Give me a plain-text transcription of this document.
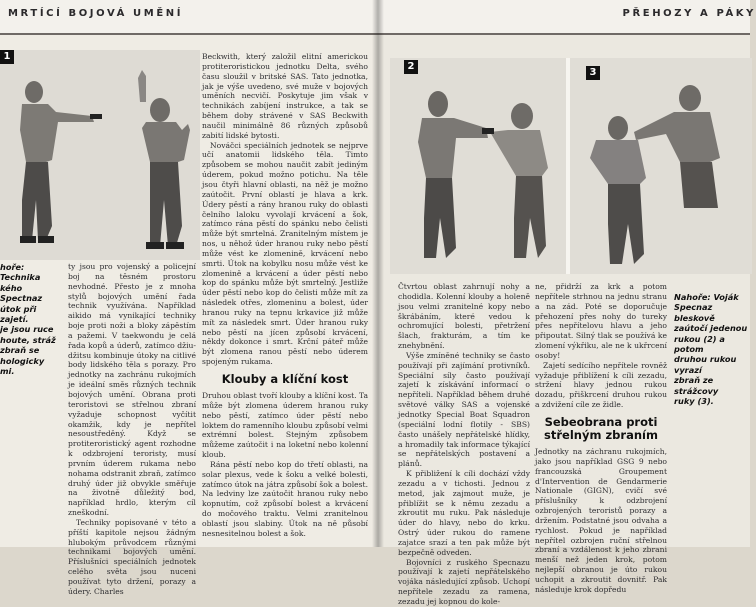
MRTÍCÍ BOJOVÁ UMĚNÍ
1
hoře: Technika
kého Spectnaz
útok při zajetí.
je jsou ruce
houte, stráž
zbraň se
hologicky
mi.

ty jsou pro vojenský a policejní boj na těsném prostoru nevhodné. Přesto je z mnoha stylů bojových umění řada technik využívána. Například aikido má vynikající techniky boje proti noži a bloky zápěstím a pažemi. V taekwondu je celá řada kopů a úderů, zatímco džiu-džitsu kombinuje útoky na citlivé body lidského těla s porazy. Pro jednotky na zachránu rukojmích je ideální směs různých technik bojových umění. Obrana proti teroristovi se střelnou zbraní vyžaduje schopnost vyčítit okamžik, kdy je nepřítel nesoustředěný. Když se protiteroristický agent rozhodne k odzbrojení teroristy, musí prvním úderem rukama nebo nohama odstranit zbraň, zatímco druhý úder již obvykle směřuje na životně důležitý bod, například hrdlo, kterým cíl zneškodní.

Techniky popisované v této a příští kapitole nejsou žádným hlubokým průvodcem různými technikami bojových umění. Příslušníci speciálních jednotek celého světa jsou nuceni používat tyto držení, porazy a údery. Charles

Beckwith, který založil elitní americkou protiteroristickou jednotku Delta, svého času sloužil v britské SAS. Tato jednotka, jak je výše uvedeno, své muže v bojových uměních necvičí. Poskytuje jim však v technikách zabíjení instrukce, a tak se během doby strávené v SAS Beckwith naučil minimálně 86 různých způsobů zabití lidské bytosti.

Nováčci speciálních jednotek se nejprve učí anatomii lidského těla. Timto způsobem se mohou naučit zabít jediným úderem, pokud možno potichu. Na těle jsou čtyři hlavní oblasti, na něž je možno zaútočit. První oblastí je hlava a krk. Údery pěstí a rány hranou ruky do oblasti čelního laloku vyvolají krvácení a šok, zatímco rána pěstí do spánku nebo čelisti může být smrtelná. Zranitelným místem je nos, u něhož úder hranou ruky nebo pěstí může vést ke zlomenině, krvácení nebo smrti. Útok na kobylku nosu může vést ke zlomenině a krvácení a úder pěstí nebo kop do spánku může být smrtelný. Jestliže úder pěstí nebo kop do čelisti může mít za následek otřes, zlomeninu a bolest, úder hranou ruky na tepnu krkavice již může mít za následek smrt. Úder hranou ruky nebo pěstí na jícen způsobí krvácení, někdy dokonce i smrt. Krční páteř může být zlomena ranou pěstí nebo úderem spojeným rukama.

Klouby a klíční kost

Druhou oblast tvoří klouby a klíční kost. Ta může být zlomena úderem hranou ruky nebo pěstí, zatímco úder pěstí nebo loktem do ramenního kloubu způsobí velmi extrémní bolest. Stejným způsobem můžeme zaútočit i na loketní nebo kolenní kloub.

Rána pěstí nebo kop do třetí oblasti, na solar plexus, vede k šoku a velké bolesti, zatímco útok na játra způsobí šok a bolest. Na ledviny lze zaútočit hranou ruky nebo kopnutím, což způsobí bolest a krvácení do močového traktu. Velmi zranitelnou oblastí jsou slabiny. Útok na ně působí nesnesitelnou bolest a šok.

PŘEHOZY A PÁKY
2
3
Nahoře: Voják
Specnaz bleskově
zaútočí jedenou
rukou (2) a potom
druhou rukou vyrazí
zbraň ze strážcovy
ruky (3).

Čtvrtou oblast zahrnují nohy a chodidla. Kolenní klouby a holeně jsou velmi zranitelné kopy nebo škrábáním, které vedou k ochromující bolesti, přetržení šlach, frakturám, a tím ke znehybnění.

Výše zmíněné techniky se často používají při zajímání protivníků. Speciální síly často používají zajetí k získávání informací o nepříteli. Například během druhé světové války SAS a vojenské jednotky Special Boat Squadron (speciální lodní flotily - SBS) často unášely nepřátelské hlídky, a hromadily tak informace týkající se nepřátelských postavení a plánů.

K přibližení k cíli dochází vždy zezadu a v tichosti. Jednou z metod, jak zajmout muže, je přiblížit se k němu zezadu a zkroutit mu ruku. Pak následuje úder do hlavy, nebo do krku. Ostrý úder rukou do ramene zajatce srazí a ten pak může být bezpečně odveden.

Bojovníci z ruského Specnazu používají k zajetí nepřátelského vojáka následující způsob. Uchopí nepřítele zezadu za ramena, zezadu jej kopnou do kole-

ne, přidrží za krk a potom nepřítele strhnou na jednu stranu a na zád. Poté se doporučuje přehození přes nohy do tureky přes nepřítelovu hlavu a jeho připoutat. Silný tlak se používá ke zlomení výkřiku, ale ne k ukřrcení osoby!

Zajetí sedícího nepřítele rovněž vyžaduje přiblížení k cíli zezadu, stržení hlavy jednou rukou dozadu, přiškrcení druhou rukou a zdvižení cíle ze židle.

Sebeobrana proti střelným zbraním

Jednotky na záchranu rukojmích, jako jsou například GSG 9 nebo francouzská Groupement d'Intervention de Gendarmerie Nationale (GIGN), cvičí své příslušníky k odzbrojení ozbrojených teroristů porazy a držením. Podstatné jsou odvaha a rychlost. Pokud je například nepřítel ozbrojen ruční střelnou zbraní a vzdálenost k jeho zbrani menší než jeden krok, potom nejlepší obranou je úto rukou uchopit a zkroutit dovnitř. Pak následuje krok dopředu
